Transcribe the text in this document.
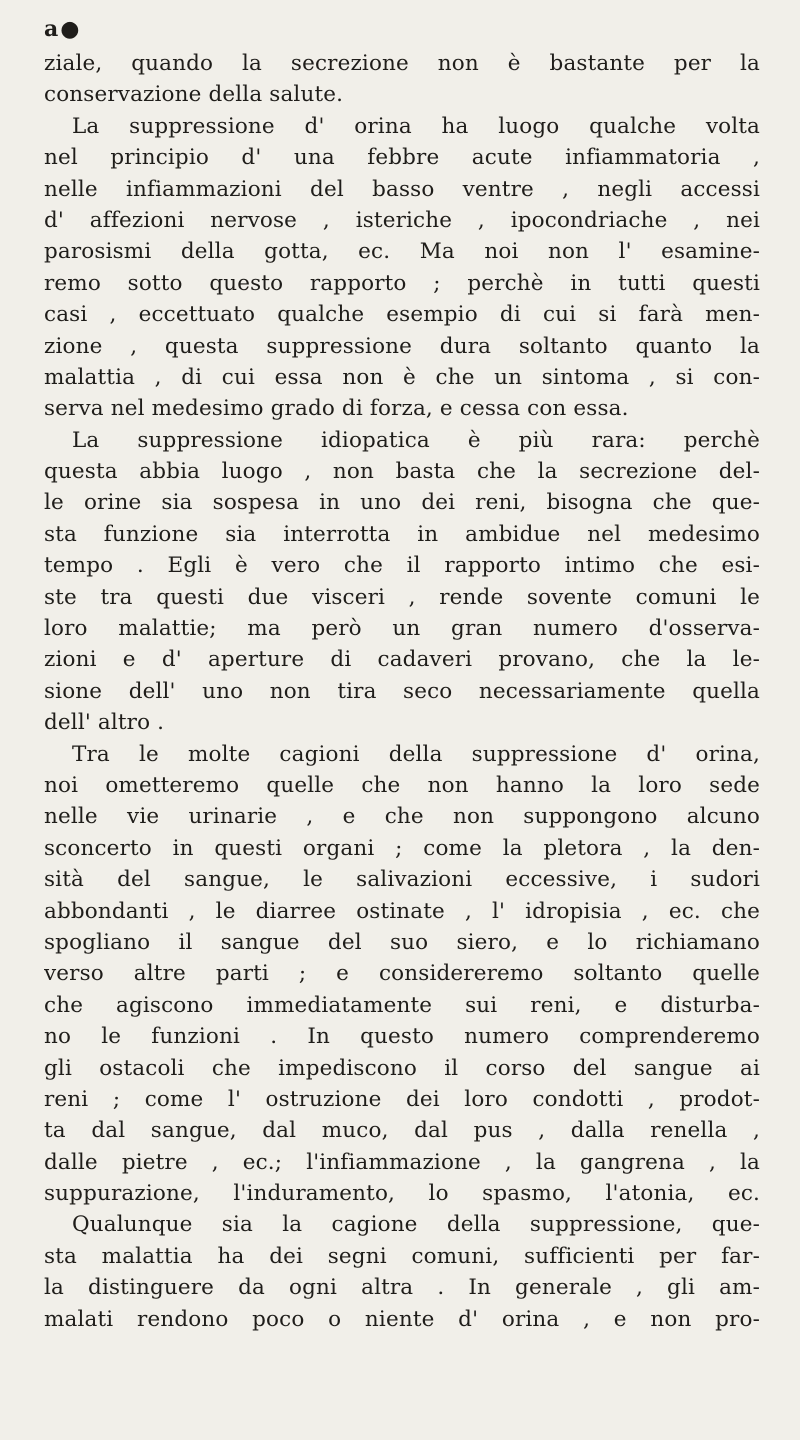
a●
ziale, quando la secrezione non è bastante per la
conservazione della salute.
La suppressione d' orina ha luogo qualche volta
nel principio d' una febbre acute infiammatoria ,
nelle infiammazioni del basso ventre , negli accessi
d' affezioni nervose , isteriche , ipocondriache , nei
parosismi della gotta, ec. Ma noi non l' esamine-
remo sotto questo rapporto ; perchè in tutti questi
casi , eccettuato qualche esempio di cui si farà men-
zione , questa suppressione dura soltanto quanto la
malattia , di cui essa non è che un sintoma , si con-
serva nel medesimo grado di forza, e cessa con essa.
La suppressione idiopatica è più rara: perchè
questa abbia luogo , non basta che la secrezione del-
le orine sia sospesa in uno dei reni, bisogna che que-
sta funzione sia interrotta in ambidue nel medesimo
tempo . Egli è vero che il rapporto intimo che esi-
ste tra questi due visceri , rende sovente comuni le
loro malattie; ma però un gran numero d'osserva-
zioni e d' aperture di cadaveri provano, che la le-
sione dell' uno non tira seco necessariamente quella
dell' altro .
Tra le molte cagioni della suppressione d' orina,
noi ometteremo quelle che non hanno la loro sede
nelle vie urinarie , e che non suppongono alcuno
sconcerto in questi organi ; come la pletora , la den-
sità del sangue, le salivazioni eccessive, i sudori
abbondanti , le diarree ostinate , l' idropisia , ec. che
spogliano il sangue del suo siero, e lo richiamano
verso altre parti ; e considereremo soltanto quelle
che agiscono immediatamente sui reni, e disturba-
no le funzioni . In questo numero comprenderemo
gli ostacoli che impediscono il corso del sangue ai
reni ; come l' ostruzione dei loro condotti , prodot-
ta dal sangue, dal muco, dal pus , dalla renella ,
dalle pietre , ec.; l'infiammazione , la gangrena , la
suppurazione, l'induramento, lo spasmo, l'atonia, ec.
Qualunque sia la cagione della suppressione, que-
sta malattia ha dei segni comuni, sufficienti per far-
la distinguere da ogni altra . In generale , gli am-
malati rendono poco o niente d' orina , e non pro-
